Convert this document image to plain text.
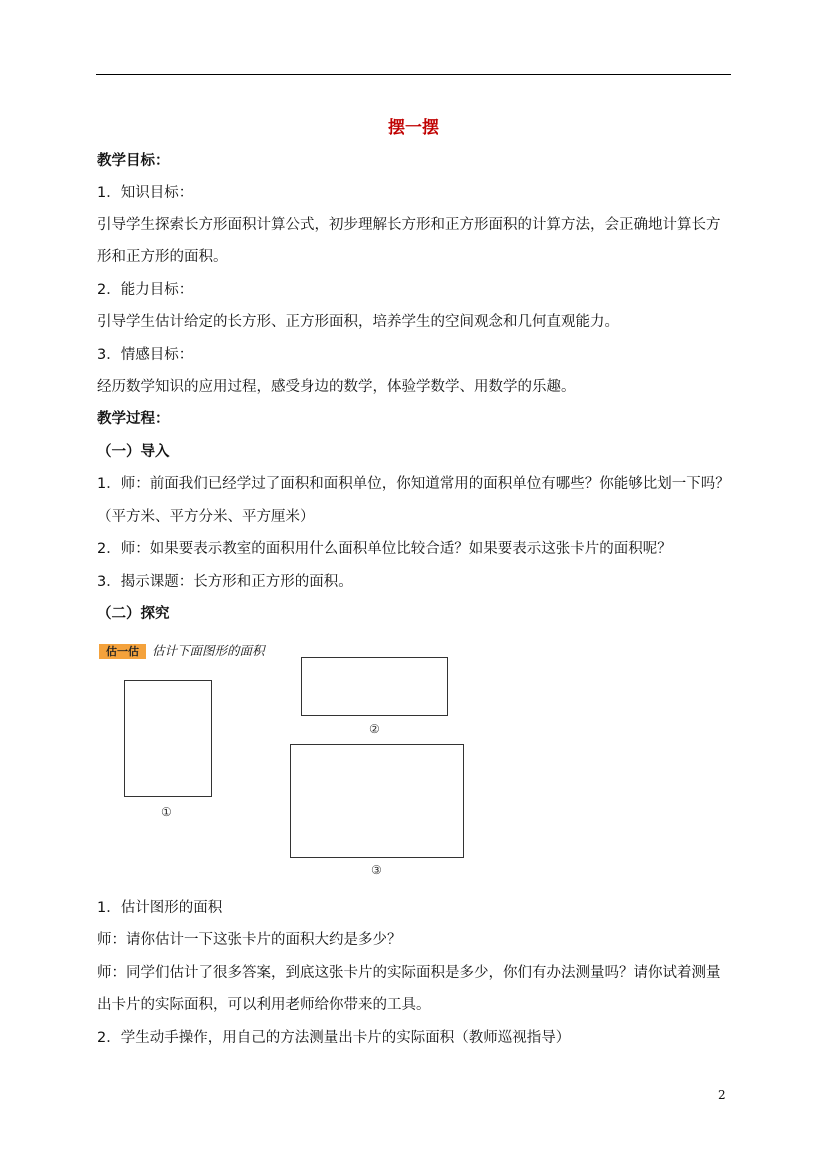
摆一摆
教学目标：
1．知识目标：
引导学生探索长方形面积计算公式，初步理解长方形和正方形面积的计算方法，会正确地计算长方
形和正方形的面积。
2．能力目标：
引导学生估计给定的长方形、正方形面积，培养学生的空间观念和几何直观能力。
3．情感目标：
经历数学知识的应用过程，感受身边的数学，体验学数学、用数学的乐趣。
教学过程：
（一）导入
1．师：前面我们已经学过了面积和面积单位，你知道常用的面积单位有哪些？你能够比划一下吗？
（平方米、平方分米、平方厘米）
2．师：如果要表示教室的面积用什么面积单位比较合适？如果要表示这张卡片的面积呢？
3．揭示课题：长方形和正方形的面积。
（二）探究
估一估	估计下面图形的面积
①
②
③
1．估计图形的面积
师：请你估计一下这张卡片的面积大约是多少？
师：同学们估计了很多答案，到底这张卡片的实际面积是多少，你们有办法测量吗？请你试着测量
出卡片的实际面积，可以利用老师给你带来的工具。
2．学生动手操作，用自己的方法测量出卡片的实际面积（教师巡视指导）
2
